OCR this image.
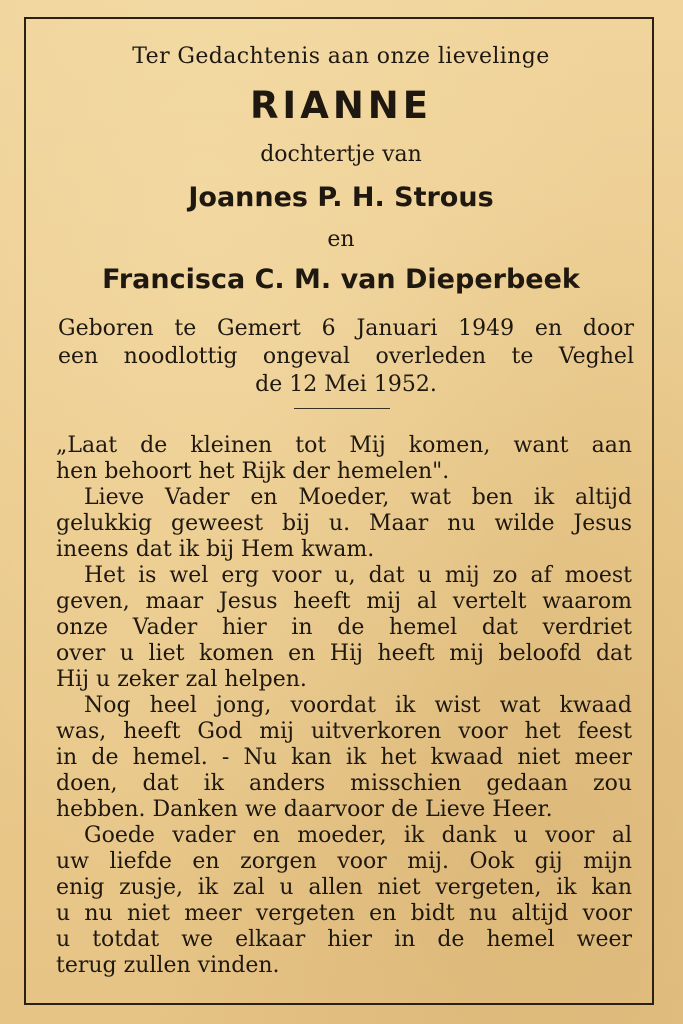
Ter Gedachtenis aan onze lievelinge

RIANNE

dochtertje van

Joannes P. H. Strous

en

Francisca C. M. van Dieperbeek

Geboren te Gemert 6 Januari 1949 en door

een noodlottig ongeval overleden te Veghel

de 12 Mei 1952.

„Laat de kleinen tot Mij komen, want aan

hen behoort het Rijk der hemelen".

Lieve Vader en Moeder, wat ben ik altijd

gelukkig geweest bij u. Maar nu wilde Jesus

ineens dat ik bij Hem kwam.

Het is wel erg voor u, dat u mij zo af moest

geven, maar Jesus heeft mij al vertelt waarom

onze Vader hier in de hemel dat verdriet

over u liet komen en Hij heeft mij beloofd dat

Hij u zeker zal helpen.

Nog heel jong, voordat ik wist wat kwaad

was, heeft God mij uitverkoren voor het feest

in de hemel. - Nu kan ik het kwaad niet meer

doen, dat ik anders misschien gedaan zou

hebben. Danken we daarvoor de Lieve Heer.

Goede vader en moeder, ik dank u voor al

uw liefde en zorgen voor mij. Ook gij mijn

enig zusje, ik zal u allen niet vergeten, ik kan

u nu niet meer vergeten en bidt nu altijd voor

u totdat we elkaar hier in de hemel weer

terug zullen vinden.
